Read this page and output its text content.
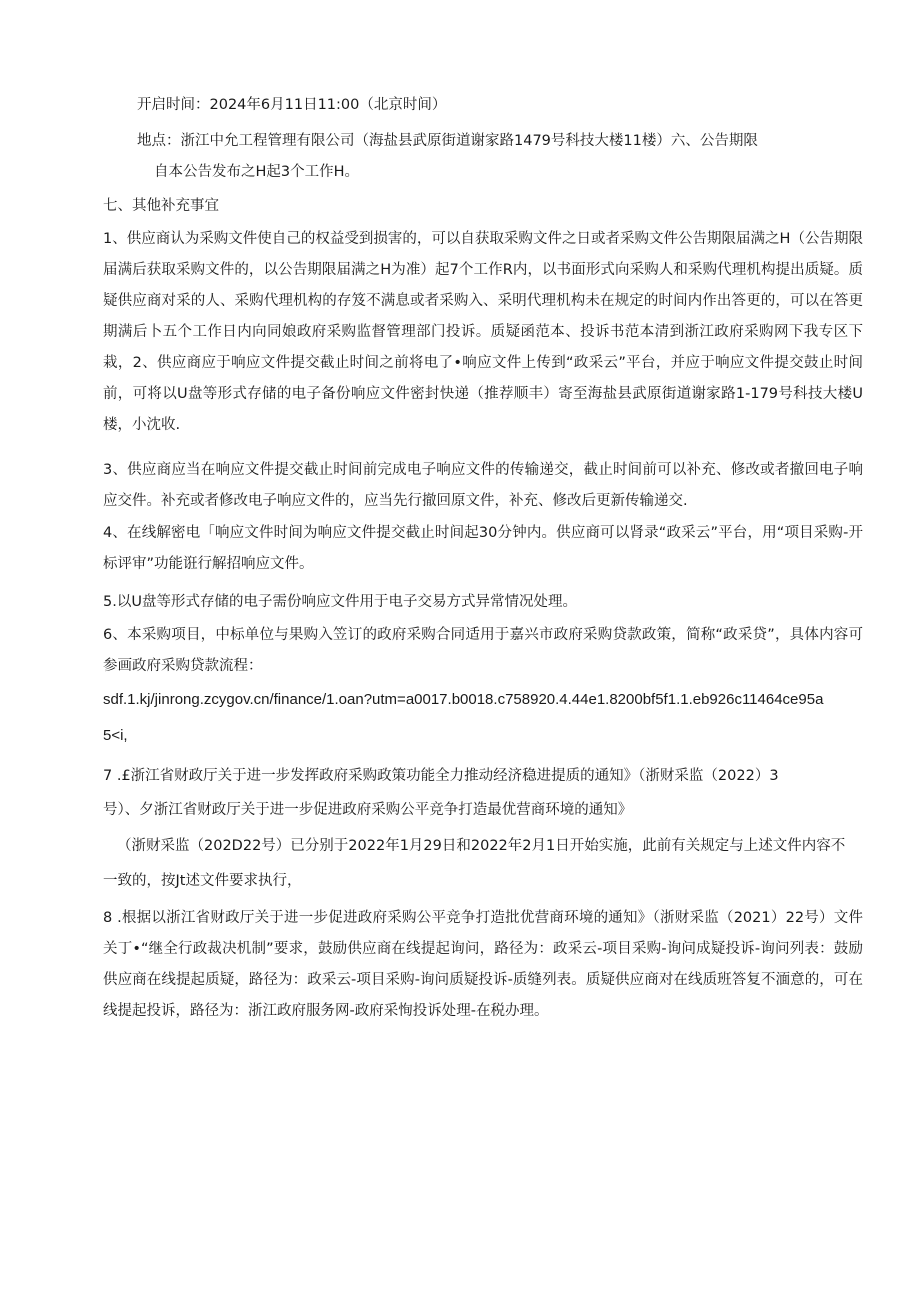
开启时间：2024年6月11日11:00（北京时间）
地点：浙江中允工程管理有限公司（海盐县武原街道谢家路1479号科技大楼11楼）六、公告期限
自本公告发布之H起3个工作H。
七、其他补充事宜
1、供应商认为采购文件使自己的权益受到损害的，可以自获取采购文件之日或者采购文件公告期限届满之H（公告期限届满后获取采购文件的，以公告期限届满之H为准）起7个工作R内，以书面形式向采购人和采购代理机构提出质疑。质疑供应商对采的人、采购代理机构的存笈不满息或者采购入、采明代理机构未在规定的时间内作出答更的，可以在答更期满后卜五个工作日内向同娘政府采购监督管理部门投诉。质疑函范本、投诉书范本清到浙江政府采购网下我专区下栽，2、供应商应于响应文件提交截止时间之前将电了•响应文件上传到“政采云”平台，并应于响应文件提交鼓止时间前，可将以U盘等形式存储的电子备份响应文件密封快递（推荐顺丰）寄至海盐县武原街道谢家路1-179号科技大楼U楼，小沈收.
3、供应商应当在响应文件提交截止时间前完成电子响应文件的传输递交，截止时间前可以补充、修改或者撤回电子响应交件。补充或者修改电子响应文件的，应当先行撤回原文件，补充、修改后更新传输递交.
4、在线解密电「响应文件时间为响应文件提交截止时间起30分钟内。供应商可以肾录“政采云”平台，用“项目采购-开标评审”功能诳行解招响应文件。
5.以U盘等形式存储的电子需份响应文件用于电子交易方式异常情况处理。
6、本采购项目，中标单位与果购入笠订的政府采购合同适用于嘉兴市政府采购贷款政策，简称“政采贷”，具体内容可参画政府采购贷款流程：
sdf.1.kj/jinrong.zcygov.cn/finance/1.oan?utm=a0017.b0018.c758920.4.44e1.8200bf5f1.1.eb926c11464ce95a
5<i,
7 .£浙江省财政厅关于进一步发挥政府采购政策功能全力推动经济稳进提质的通知》（浙财采监（2022）3
号）、夕浙江省财政厅关于进一步促进政府采购公平竞争打造最优营商环境的通知》
（浙财采监（202D22号）已分别于2022年1月29日和2022年2月1日开始实施，此前有关规定与上述文件内容不
一致的，按Jt述文件要求执行，
8 .根据以浙江省财政厅关于进一步促进政府采购公平竞争打造批优营商环境的通知》（浙财采监（2021）22号）文件关丁•“继全行政裁决机制”要求，鼓励供应商在线提起询问，路径为：政采云-项目采购-询问成疑投诉-询问列表：鼓励供应商在线提起质疑，路径为：政采云-项目采购-询问质疑投诉-质缝列表。质疑供应商对在线质班答复不湎意的，可在线提起投诉，路径为：浙江政府服务网-政府采恂投诉处理-在税办理。
